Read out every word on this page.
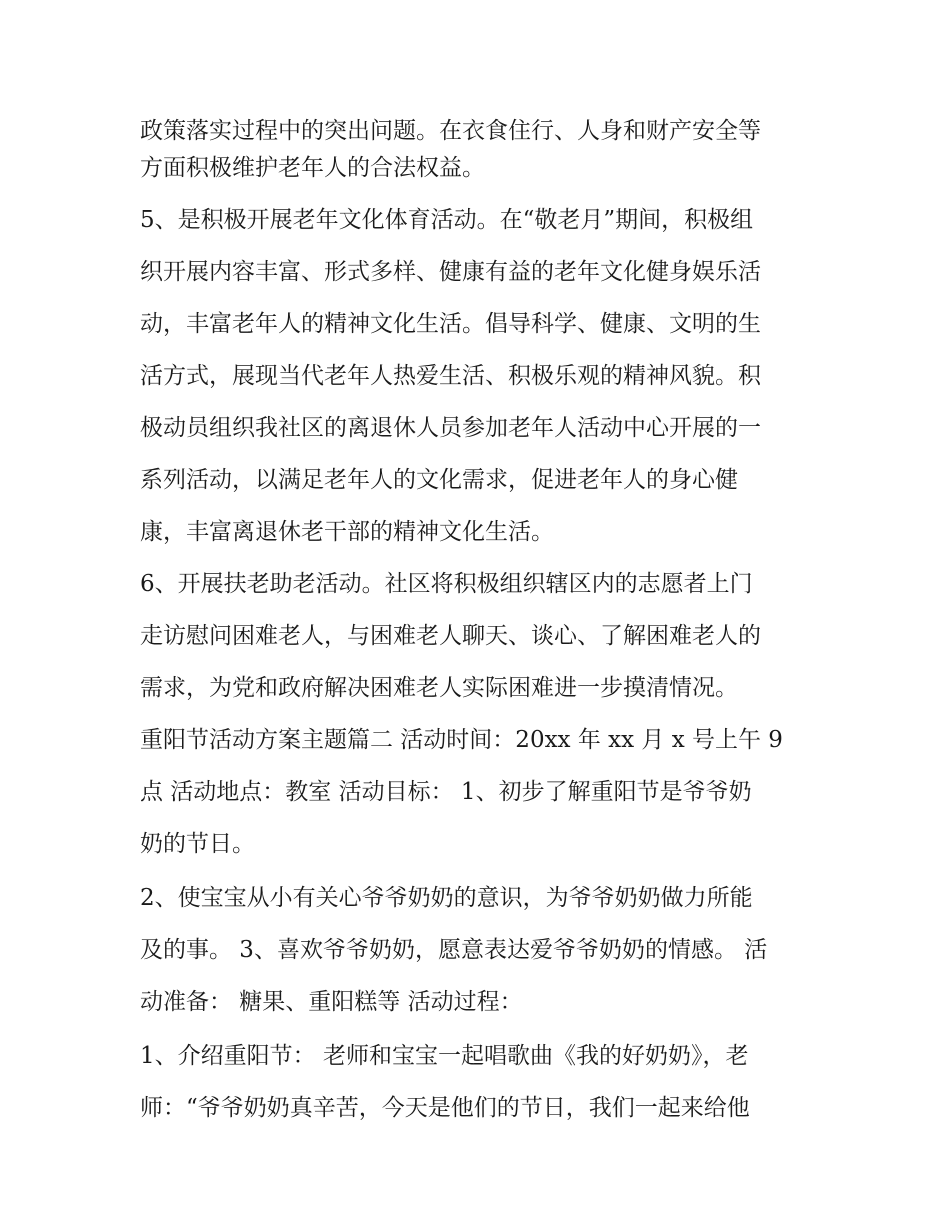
政策落实过程中的突出问题。在衣食住行、人身和财产安全等
方面积极维护老年人的合法权益。
5、是积极开展老年文化体育活动。在“敬老月”期间，积极组
织开展内容丰富、形式多样、健康有益的老年文化健身娱乐活
动，丰富老年人的精神文化生活。倡导科学、健康、文明的生
活方式，展现当代老年人热爱生活、积极乐观的精神风貌。积
极动员组织我社区的离退休人员参加老年人活动中心开展的一
系列活动，以满足老年人的文化需求，促进老年人的身心健
康，丰富离退休老干部的精神文化生活。
6、开展扶老助老活动。社区将积极组织辖区内的志愿者上门
走访慰问困难老人，与困难老人聊天、谈心、了解困难老人的
需求，为党和政府解决困难老人实际困难进一步摸清情况。
重阳节活动方案主题篇二 活动时间：20xx 年 xx 月 x 号上午 9
点 活动地点：教室 活动目标： 1、初步了解重阳节是爷爷奶
奶的节日。
2、使宝宝从小有关心爷爷奶奶的意识，为爷爷奶奶做力所能
及的事。 3、喜欢爷爷奶奶，愿意表达爱爷爷奶奶的情感。 活
动准备： 糖果、重阳糕等 活动过程：
1、介绍重阳节： 老师和宝宝一起唱歌曲《我的好奶奶》，老
师：“爷爷奶奶真辛苦，今天是他们的节日，我们一起来给他
